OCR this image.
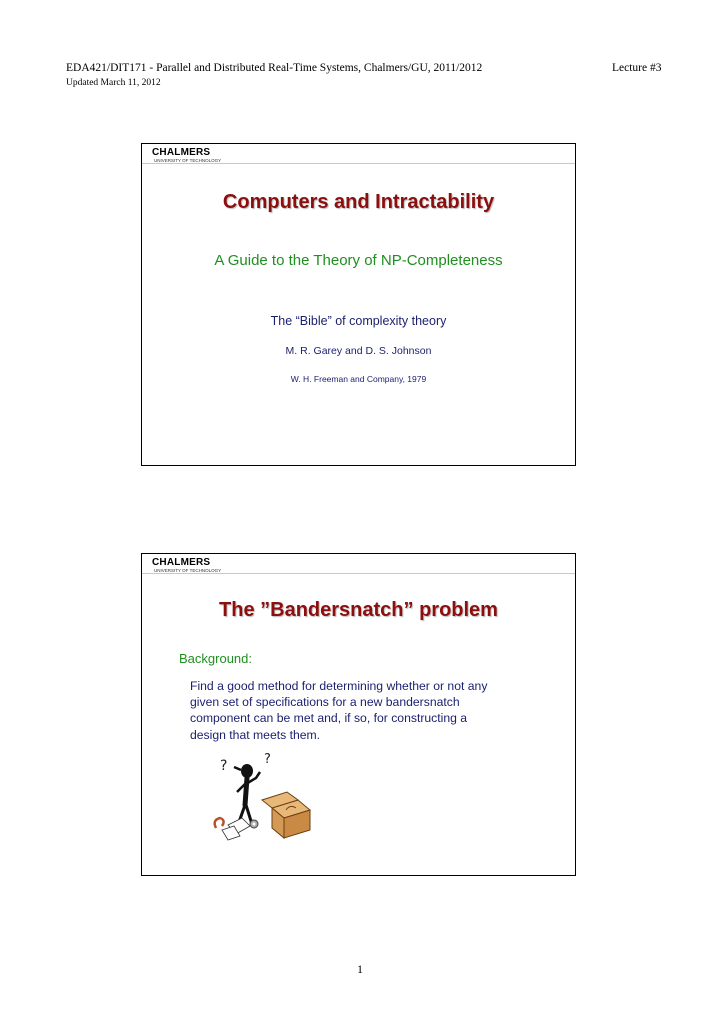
EDA421/DIT171 - Parallel and Distributed Real-Time Systems, Chalmers/GU, 2011/2012
Updated March 11, 2012
Lecture #3
CHALMERS
UNIVERSITY OF TECHNOLOGY
Computers and Intractability
A Guide to the Theory of NP-Completeness
The “Bible” of complexity theory
M. R. Garey and D. S. Johnson
W. H. Freeman and Company, 1979
CHALMERS
UNIVERSITY OF TECHNOLOGY
The ”Bandersnatch” problem
Background:
Find a good method for determining whether or not any
given set of specifications for a new bandersnatch
component can be met and, if so, for constructing a
design that meets them.
?	?
1
